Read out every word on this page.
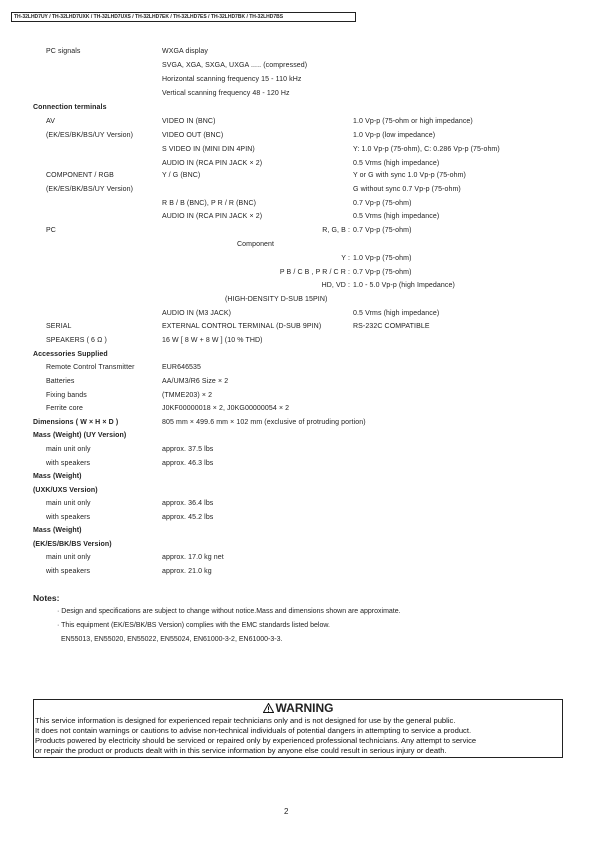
TH-32LHD7UY / TH-32LHD7UXK / TH-32LHD7UXS / TH-32LHD7EK / TH-32LHD7ES / TH-32LHD7BK / TH-32LHD7BS
PC signals	WXGA display
SVGA, XGA, SXGA, UXGA ..... (compressed)
Horizontal scanning frequency 15 - 110 kHz
Vertical scanning frequency 48 - 120 Hz
Connection terminals
AV	VIDEO IN (BNC)	1.0 Vp-p (75-ohm or high impedance)
(EK/ES/BK/BS/UY Version)	VIDEO OUT (BNC)	1.0 Vp-p (low impedance)
S VIDEO IN (MINI DIN 4PIN)	Y: 1.0 Vp-p (75-ohm), C: 0.286 Vp-p (75-ohm)
AUDIO IN (RCA PIN JACK × 2)	0.5 Vrms (high impedance)
COMPONENT / RGB	Y / G (BNC)	Y or G with sync 1.0 Vp-p (75-ohm)
(EK/ES/BK/BS/UY Version)	G without sync 0.7 Vp-p (75-ohm)
R B / B (BNC), P R / R (BNC)	0.7 Vp-p (75-ohm)
AUDIO IN (RCA PIN JACK × 2)	0.5 Vrms (high impedance)
PC	R, G, B : 0.7 Vp-p (75-ohm)
Component
Y : 1.0 Vp-p (75-ohm)
P B / C B , P R / C R : 0.7 Vp-p (75-ohm)
HD, VD : 1.0 - 5.0 Vp-p (high Impedance)
(HIGH-DENSITY D-SUB 15PIN)
AUDIO IN (M3 JACK)	0.5 Vrms (high impedance)
SERIAL	EXTERNAL CONTROL TERMINAL (D-SUB 9PIN)	RS-232C COMPATIBLE
SPEAKERS ( 6 Ω )	16 W [ 8 W + 8 W ] (10 % THD)
Accessories Supplied
Remote Control Transmitter	EUR646535
Batteries	AA/UM3/R6 Size × 2
Fixing bands	(TMME203) × 2
Ferrite core	J0KF00000018 × 2, J0KG00000054 × 2
Dimensions ( W × H × D )	805 mm × 499.6 mm × 102 mm (exclusive of protruding portion)
Mass (Weight) (UY Version)
main unit only	approx. 37.5 lbs
with speakers	approx. 46.3 lbs
Mass (Weight)
(UXK/UXS Version)
main unit only	approx. 36.4 lbs
with speakers	approx. 45.2 lbs
Mass (Weight)
(EK/ES/BK/BS Version)
main unit only	approx. 17.0 kg net
with speakers	approx. 21.0 kg
Notes:
· Design and specifications are subject to change without notice.Mass and dimensions shown are approximate.
· This equipment (EK/ES/BK/BS Version) complies with the EMC standards listed below.
EN55013, EN55020, EN55022, EN55024, EN61000-3-2, EN61000-3-3.
WARNING
This service information is designed for experienced repair technicians only and is not designed for use by the general public.
It does not contain warnings or cautions to advise non-technical individuals of potential dangers in attempting to service a product.
Products powered by electricity should be serviced or repaired only by experienced professional technicians. Any attempt to service
or repair the product or products dealt with in this service information by anyone else could result in serious injury or death.
2
